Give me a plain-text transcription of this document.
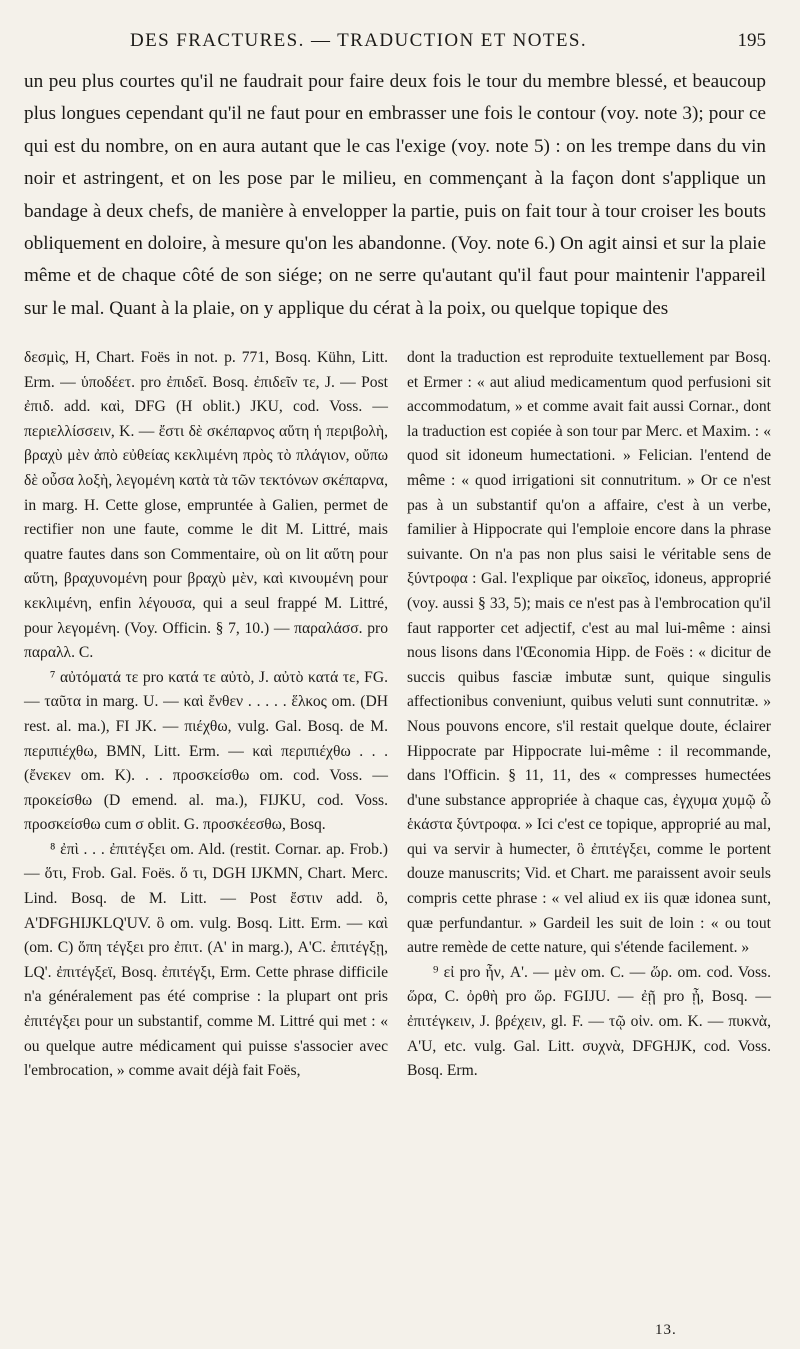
DES FRACTURES. — TRADUCTION ET NOTES.	195

un peu plus courtes qu'il ne faudrait pour faire deux fois le tour du membre blessé, et beaucoup plus longues cependant qu'il ne faut pour en embrasser une fois le contour (voy. note 3); pour ce qui est du nombre, on en aura autant que le cas l'exige (voy. note 5) : on les trempe dans du vin noir et astringent, et on les pose par le milieu, en commençant à la façon dont s'applique un bandage à deux chefs, de manière à envelopper la partie, puis on fait tour à tour croiser les bouts obliquement en doloire, à mesure qu'on les abandonne. (Voy. note 6.) On agit ainsi et sur la plaie même et de chaque côté de son siége; on ne serre qu'autant qu'il faut pour maintenir l'appareil sur le mal. Quant à la plaie, on y applique du cérat à la poix, ou quelque topique des

δεσμὶς, H, Chart. Foës in not. p. 771, Bosq. Kühn, Litt. Erm. — ὑποδέετ. pro ἐπιδεῖ. Bosq. ἐπιδεῖν τε, J. — Post ἐπιδ. add. καὶ, DFG (H oblit.) JKU, cod. Voss. — περιελλίσσειν, K. — ἔστι δὲ σκέπαρνος αὕτη ἡ περιβολὴ, βραχὺ μὲν ἀπὸ εὐθείας κεκλιμένη πρὸς τὸ πλάγιον, οὔπω δὲ οὖσα λοξὴ, λεγομένη κατὰ τὰ τῶν τεκτόνων σκέπαρνα, in marg. H. Cette glose, empruntée à Galien, permet de rectifier non une faute, comme le dit M. Littré, mais quatre fautes dans son Commentaire, où on lit αὕτη pour αὕτη, βραχυνομένη pour βραχὺ μὲν, καὶ κινουμένη pour κεκλιμένη, enfin λέγουσα, qui a seul frappé M. Littré, pour λεγομένη. (Voy. Officin. § 7, 10.) — παραλάσσ. pro παραλλ. C.

⁷ αὐτόματά τε pro κατά τε αὐτὸ, J. αὐτὸ κατά τε, FG. — ταῦτα in marg. U. — καὶ ἔνθεν . . . . . ἕλκος om. (DH rest. al. ma.), FI JK. — πιέχθω, vulg. Gal. Bosq. de M. περιπιέχθω, BMN, Litt. Erm. — καὶ περιπιέχθω . . . (ἔνεκεν om. K). . . προσκείσθω om. cod. Voss. — προκείσθω (D emend. al. ma.), FIJKU, cod. Voss. προσκείσθω cum σ oblit. G. προσκέεσθω, Bosq.

⁸ ἐπὶ . . . ἐπιτέγξει om. Ald. (restit. Cornar. ap. Frob.) — ὅτι, Frob. Gal. Foës. ὅ τι, DGH IJKMN, Chart. Merc. Lind. Bosq. de M. Litt. — Post ἔστιν add. ὃ, A'DFGHIJKLQ'UV. ὃ om. vulg. Bosq. Litt. Erm. — καὶ (om. C) ὅπη τέγξει pro ἐπιτ. (A' in marg.), A'C. ἐπιτέγξῃ, LQ'. ἐπιτέγξεϊ, Bosq. ἐπιτέγξι, Erm. Cette phrase difficile n'a généralement pas été comprise : la plupart ont pris ἐπιτέγξει pour un substantif, comme M. Littré qui met : « ou quelque autre médicament qui puisse s'associer avec l'embrocation, » comme avait déjà fait Foës,

dont la traduction est reproduite textuellement par Bosq. et Ermer : « aut aliud medicamentum quod perfusioni sit accommodatum, » et comme avait fait aussi Cornar., dont la traduction est copiée à son tour par Merc. et Maxim. : « quod sit idoneum humectationi. » Felician. l'entend de même : « quod irrigationi sit connutritum. » Or ce n'est pas à un substantif qu'on a affaire, c'est à un verbe, familier à Hippocrate qui l'emploie encore dans la phrase suivante. On n'a pas non plus saisi le véritable sens de ξύντροφα : Gal. l'explique par οἰκεῖος, idoneus, approprié (voy. aussi § 33, 5); mais ce n'est pas à l'embrocation qu'il faut rapporter cet adjectif, c'est au mal lui-même : ainsi nous lisons dans l'Œconomia Hipp. de Foës : « dicitur de succis quibus fasciæ imbutæ sunt, quique singulis affectionibus conveniunt, quibus veluti sunt connutritæ. » Nous pouvons encore, s'il restait quelque doute, éclairer Hippocrate par Hippocrate lui-même : il recommande, dans l'Officin. § 11, 11, des « compresses humectées d'une substance appropriée à chaque cas, ἐγχυμα χυμῷ ὧ ἑκάστα ξύντροφα. » Ici c'est ce topique, approprié au mal, qui va servir à humecter, ὃ ἐπιτέγξει, comme le portent douze manuscrits; Vid. et Chart. me paraissent avoir seuls compris cette phrase : « vel aliud ex iis quæ idonea sunt, quæ perfundantur. » Gardeil les suit de loin : « ou tout autre remède de cette nature, qui s'étende facilement. »

⁹ εἰ pro ἦν, A'. — μὲν om. C. — ὥρ. om. cod. Voss. ὥρα, C. ὀρθὴ pro ὥρ. FGIJU. — ἐῇ pro ᾖ, Bosq. — ἐπιτέγκειν, J. βρέχειν, gl. F. — τῷ οἰν. om. K. — πυκνὰ, A'U, etc. vulg. Gal. Litt. συχνὰ, DFGHJK, cod. Voss. Bosq. Erm.

13.
